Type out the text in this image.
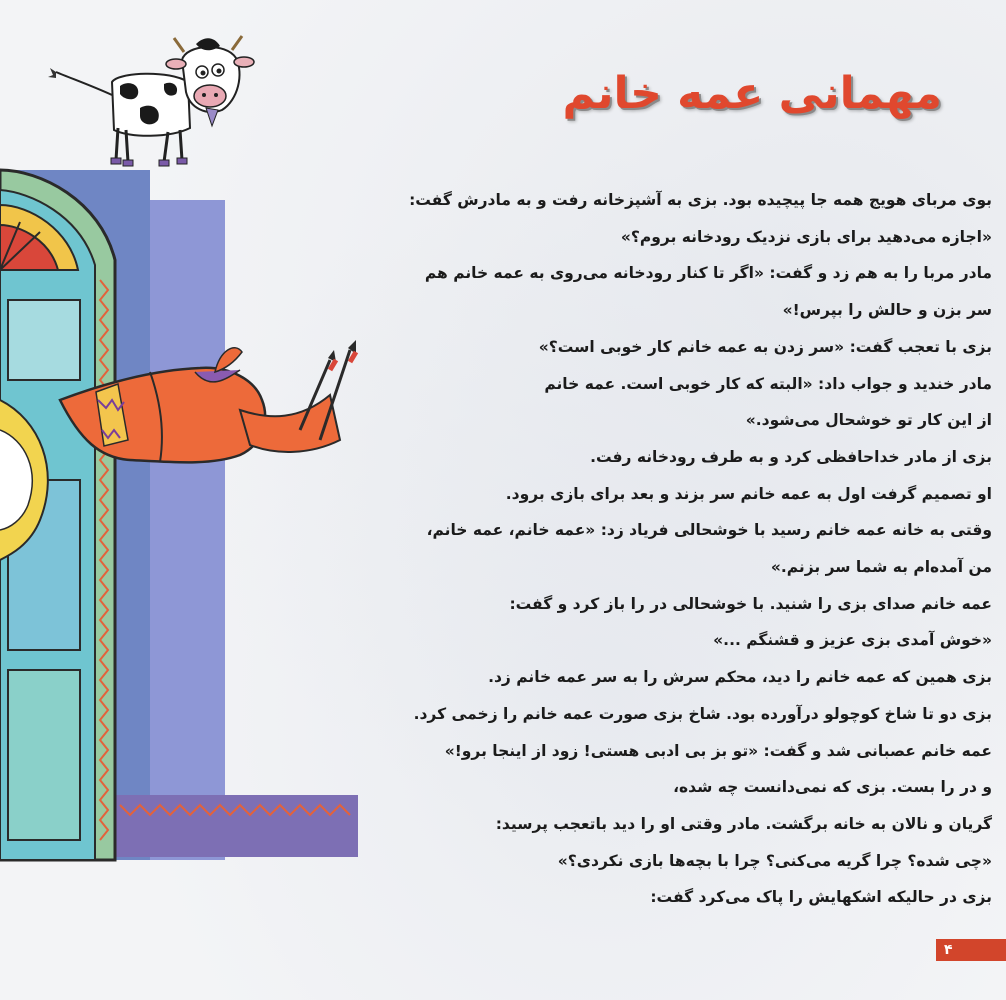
مهمانی عمه خانم
بوی مربای هویج همه جا پیچیده بود. بزی به آشپزخانه رفت و به مادرش گفت:
«اجازه می‌دهید برای بازی نزدیک رودخانه بروم؟»
مادر مربا را به هم زد و گفت: «اگر تا کنار رودخانه می‌روی به عمه خانم هم
سر بزن و حالش را بپرس!»
بزی با تعجب گفت: «سر زدن به عمه خانم کار خوبی است؟»
مادر خندید و جواب داد: «البته که کار خوبی است. عمه خانم
از این کار تو خوشحال می‌شود.»
بزی از مادر خداحافظی کرد و به طرف رودخانه رفت.
او تصمیم گرفت اول به عمه خانم سر بزند و بعد برای بازی برود.
وقتی به خانه عمه خانم رسید با خوشحالی فریاد زد: «عمه خانم، عمه خانم،
من آمده‌ام به شما سر بزنم.»
عمه خانم صدای بزی را شنید. با خوشحالی در را باز کرد و گفت:
«خوش آمدی بزی عزیز و قشنگم ...»
بزی همین که عمه خانم را دید، محکم سرش را به سر عمه خانم زد.
بزی دو تا شاخ کوچولو درآورده بود. شاخ بزی صورت عمه خانم را زخمی کرد.
عمه خانم عصبانی شد و گفت: «تو بز بی ادبی هستی! زود از اینجا برو!»
و در را بست. بزی که نمی‌دانست چه شده،
گریان و نالان به خانه برگشت. مادر وقتی او را دید باتعجب پرسید:
«چی شده؟ چرا گریه می‌کنی؟ چرا با بچه‌ها بازی نکردی؟»
بزی در حالیکه اشکهایش را پاک می‌کرد گفت:
۴
